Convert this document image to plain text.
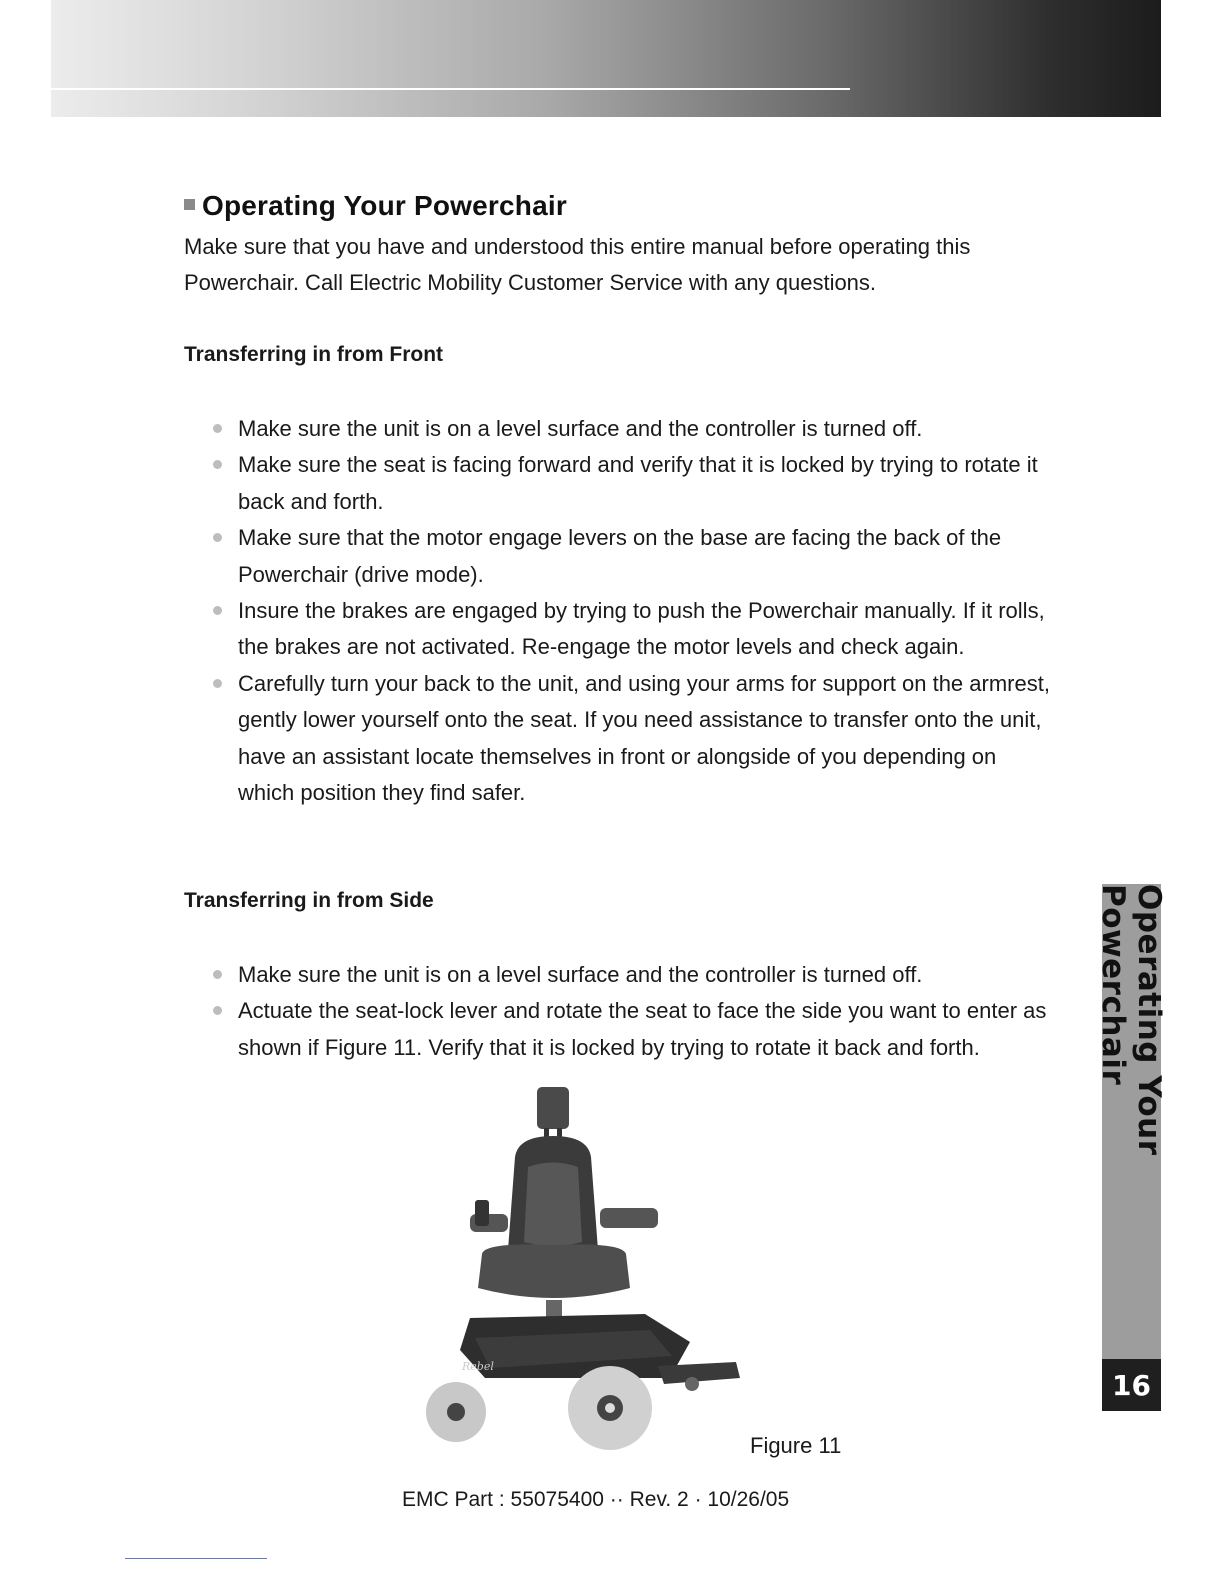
Operating Your Powerchair

Make sure that you have and understood this entire manual before operating this Powerchair. Call Electric Mobility Customer Service with any questions.

Transferring in from Front

Make sure the unit is on a level surface and the controller is turned off.
Make sure the seat is facing forward and verify that it is locked by trying to rotate it back and forth.
Make sure that the motor engage levers on the base are facing the back of the Powerchair (drive mode).
Insure the brakes are engaged by trying to push the Powerchair manually. If it rolls, the brakes are not activated. Re-engage the motor levels and check again.
Carefully turn your back to the unit, and using your arms for support on the armrest, gently lower yourself onto the seat. If you need assistance to transfer onto the unit, have an assistant locate themselves in front or alongside of you depending on which position they find safer.

Transferring in from Side

Make sure the unit is on a level surface and the controller is turned off.
Actuate the seat-lock lever and rotate the seat to face the side you want to enter as shown if Figure 11. Verify that it is locked by trying to rotate it back and forth.
Rebel
Figure 11
Operating Your Powerchair
16
EMC Part : 55075400 ·· Rev. 2 · 10/26/05
